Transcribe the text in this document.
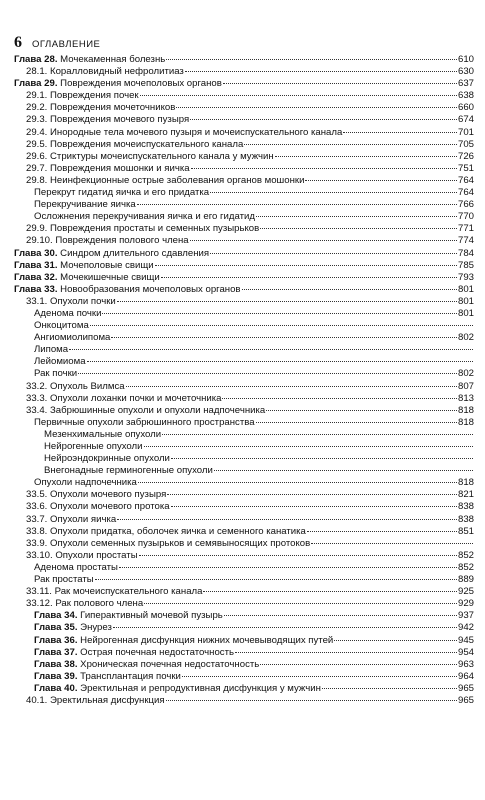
6 ОГЛАВЛЕНИЕ
Глава 28. Мочекаменная болезнь	610
28.1. Коралловидный нефролитиаз	630
Глава 29. Повреждения мочеполовых органов	637
29.1. Повреждения почек	638
29.2. Повреждения мочеточников	660
29.3. Повреждения мочевого пузыря	674
29.4. Инородные тела мочевого пузыря и мочеиспускательного канала	701
29.5. Повреждения мочеиспускательного канала	705
29.6. Стриктуры мочеиспускательного канала у мужчин	726
29.7. Повреждения мошонки и яичка	751
29.8. Неинфекционные острые заболевания органов мошонки	764
Перекрут гидатид яичка и его придатка	764
Перекручивание яичка	766
Осложнения перекручивания яичка и его гидатид	770
29.9. Повреждения простаты и семенных пузырьков	771
29.10. Повреждения полового члена	774
Глава 30. Синдром длительного сдавления	784
Глава 31. Мочеполовые свищи	785
Глава 32. Мочекишечные свищи	793
Глава 33. Новообразования мочеполовых органов	801
33.1. Опухоли почки	801
Аденома почки	801
Онкоцитома
Ангиомиолипома	802
Липома
Лейомиома
Рак почки	802
33.2. Опухоль Вилмса	807
33.3. Опухоли лоханки почки и мочеточника	813
33.4. Забрюшинные опухоли и опухоли надпочечника	818
Первичные опухоли забрюшинного пространства	818
Мезенхимальные опухоли
Нейрогенные опухоли
Нейроэндокринные опухоли
Внегонадные герминогенные опухоли
Опухоли надпочечника	818
33.5. Опухоли мочевого пузыря	821
33.6. Опухоли мочевого протока	838
33.7. Опухоли яичка	838
33.8. Опухоли придатка, оболочек яичка и семенного канатика	851
33.9. Опухоли семенных пузырьков и семявыносящих протоков
33.10. Опухоли простаты	852
Аденома простаты	852
Рак простаты	889
33.11. Рак мочеиспускательного канала	925
33.12. Рак полового члена	929
Глава 34. Гиперактивный мочевой пузырь	937
Глава 35. Энурез	942
Глава 36. Нейрогенная дисфункция нижних мочевыводящих путей	945
Глава 37. Острая почечная недостаточность	954
Глава 38. Хроническая почечная недостаточность	963
Глава 39. Трансплантация почки	964
Глава 40. Эректильная и репродуктивная дисфункция у мужчин	965
40.1. Эректильная дисфункция	965
